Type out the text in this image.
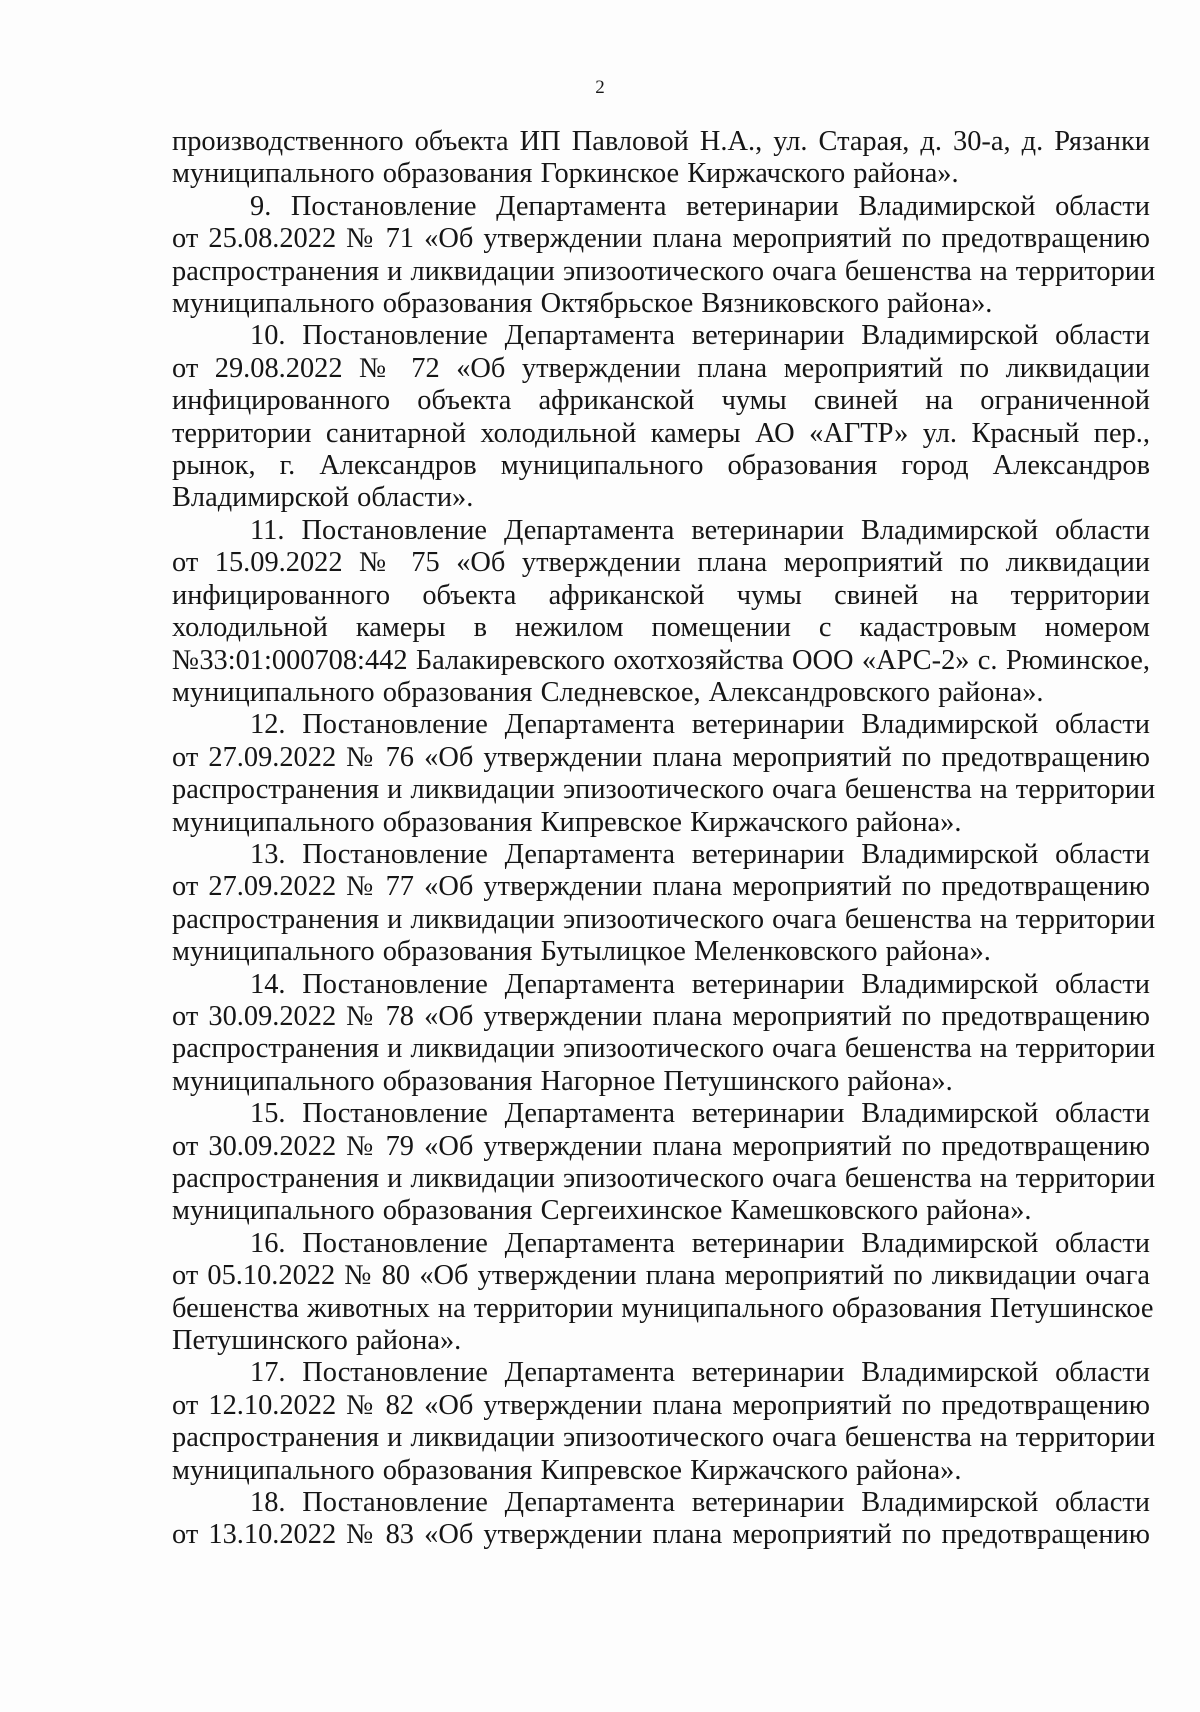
2

производственного объекта ИП Павловой Н.А., ул. Старая, д. 30-а, д. Рязанки
муниципального образования Горкинское Киржачского района».

9. Постановление Департамента ветеринарии Владимирской области
от 25.08.2022 № 71 «Об утверждении плана мероприятий по предотвращению
распространения и ликвидации эпизоотического очага бешенства на территории
муниципального образования Октябрьское Вязниковского района».

10. Постановление Департамента ветеринарии Владимирской области
от 29.08.2022 № 72 «Об утверждении плана мероприятий по ликвидации
инфицированного объекта африканской чумы свиней на ограниченной
территории санитарной холодильной камеры АО «АГТР» ул. Красный пер.,
рынок, г. Александров муниципального образования город Александров
Владимирской области».

11. Постановление Департамента ветеринарии Владимирской области
от 15.09.2022 № 75 «Об утверждении плана мероприятий по ликвидации
инфицированного объекта африканской чумы свиней на территории
холодильной камеры в нежилом помещении с кадастровым номером
№33:01:000708:442 Балакиревского охотхозяйства ООО «АРС-2» с. Рюминское,
муниципального образования Следневское, Александровского района».

12. Постановление Департамента ветеринарии Владимирской области
от 27.09.2022 № 76 «Об утверждении плана мероприятий по предотвращению
распространения и ликвидации эпизоотического очага бешенства на территории
муниципального образования Кипревское Киржачского района».

13. Постановление Департамента ветеринарии Владимирской области
от 27.09.2022 № 77 «Об утверждении плана мероприятий по предотвращению
распространения и ликвидации эпизоотического очага бешенства на территории
муниципального образования Бутылицкое Меленковского района».

14. Постановление Департамента ветеринарии Владимирской области
от 30.09.2022 № 78 «Об утверждении плана мероприятий по предотвращению
распространения и ликвидации эпизоотического очага бешенства на территории
муниципального образования Нагорное Петушинского района».

15. Постановление Департамента ветеринарии Владимирской области
от 30.09.2022 № 79 «Об утверждении плана мероприятий по предотвращению
распространения и ликвидации эпизоотического очага бешенства на территории
муниципального образования Сергеихинское Камешковского района».

16. Постановление Департамента ветеринарии Владимирской области
от 05.10.2022 № 80 «Об утверждении плана мероприятий по ликвидации очага
бешенства животных на территории муниципального образования Петушинское
Петушинского района».

17. Постановление Департамента ветеринарии Владимирской области
от 12.10.2022 № 82 «Об утверждении плана мероприятий по предотвращению
распространения и ликвидации эпизоотического очага бешенства на территории
муниципального образования Кипревское Киржачского района».

18. Постановление Департамента ветеринарии Владимирской области
от 13.10.2022 № 83 «Об утверждении плана мероприятий по предотвращению
